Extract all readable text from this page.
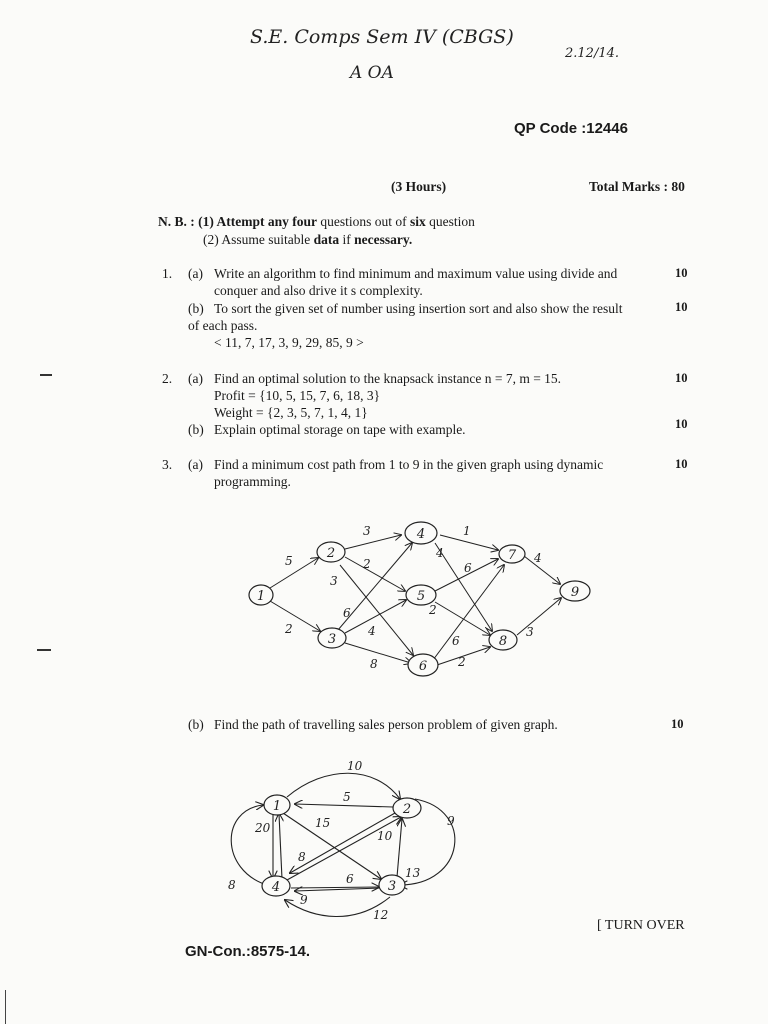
S.E. Comps Sem IV (CBGS)
A OA
2.12/14.
QP Code :12446
(3 Hours)	Total Marks : 80
N. B. : (1) Attempt any four questions out of six question
(2) Assume suitable data if necessary.
1. (a) Write an algorithm to find minimum and maximum value using divide and
conquer and also drive it s complexity.
10
(b) To sort the given set of number using insertion sort and also show the result
of each pass.
< 11, 7, 17, 3, 9, 29, 85, 9 >
10
2. (a) Find an optimal solution to the knapsack instance n = 7, m = 15.
Profit = {10, 5, 15, 7, 6, 18, 3}
Weight = {2, 3, 5, 7, 1, 4, 1}
10
(b) Explain optimal storage on tape with example.	10
3. (a) Find a minimum cost path from 1 to 9 in the given graph using dynamic
programming.
10
1
2
3
4
5
6
7
8
9
5
2
3
2
3
6
4
8
1
4
6
2
6
2
4
3
(b) Find the path of travelling sales person problem of given graph.	10
1	2
3
4
10
5
9
20	15
10
8
6	13
8
9
12
[ TURN OVER
GN-Con.:8575-14.
